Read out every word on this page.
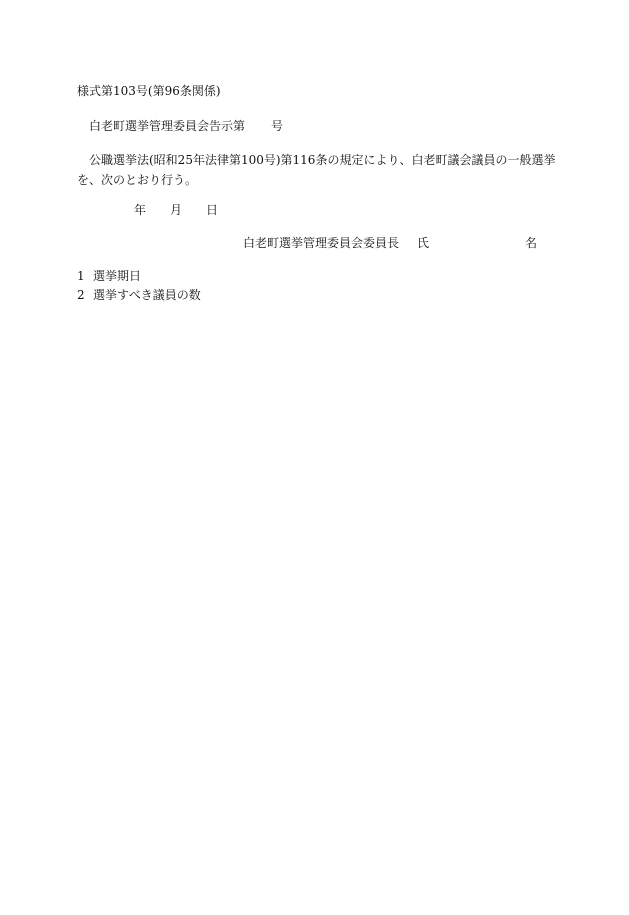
様式第103号(第96条関係)
白老町選挙管理委員会告示第 号
公職選挙法(昭和25年法律第100号)第116条の規定により、白老町議会議員の一般選挙を、次のとおり行う。
年 月 日
白老町選挙管理委員会委員長 氏	名
1 選挙期日
2 選挙すべき議員の数
